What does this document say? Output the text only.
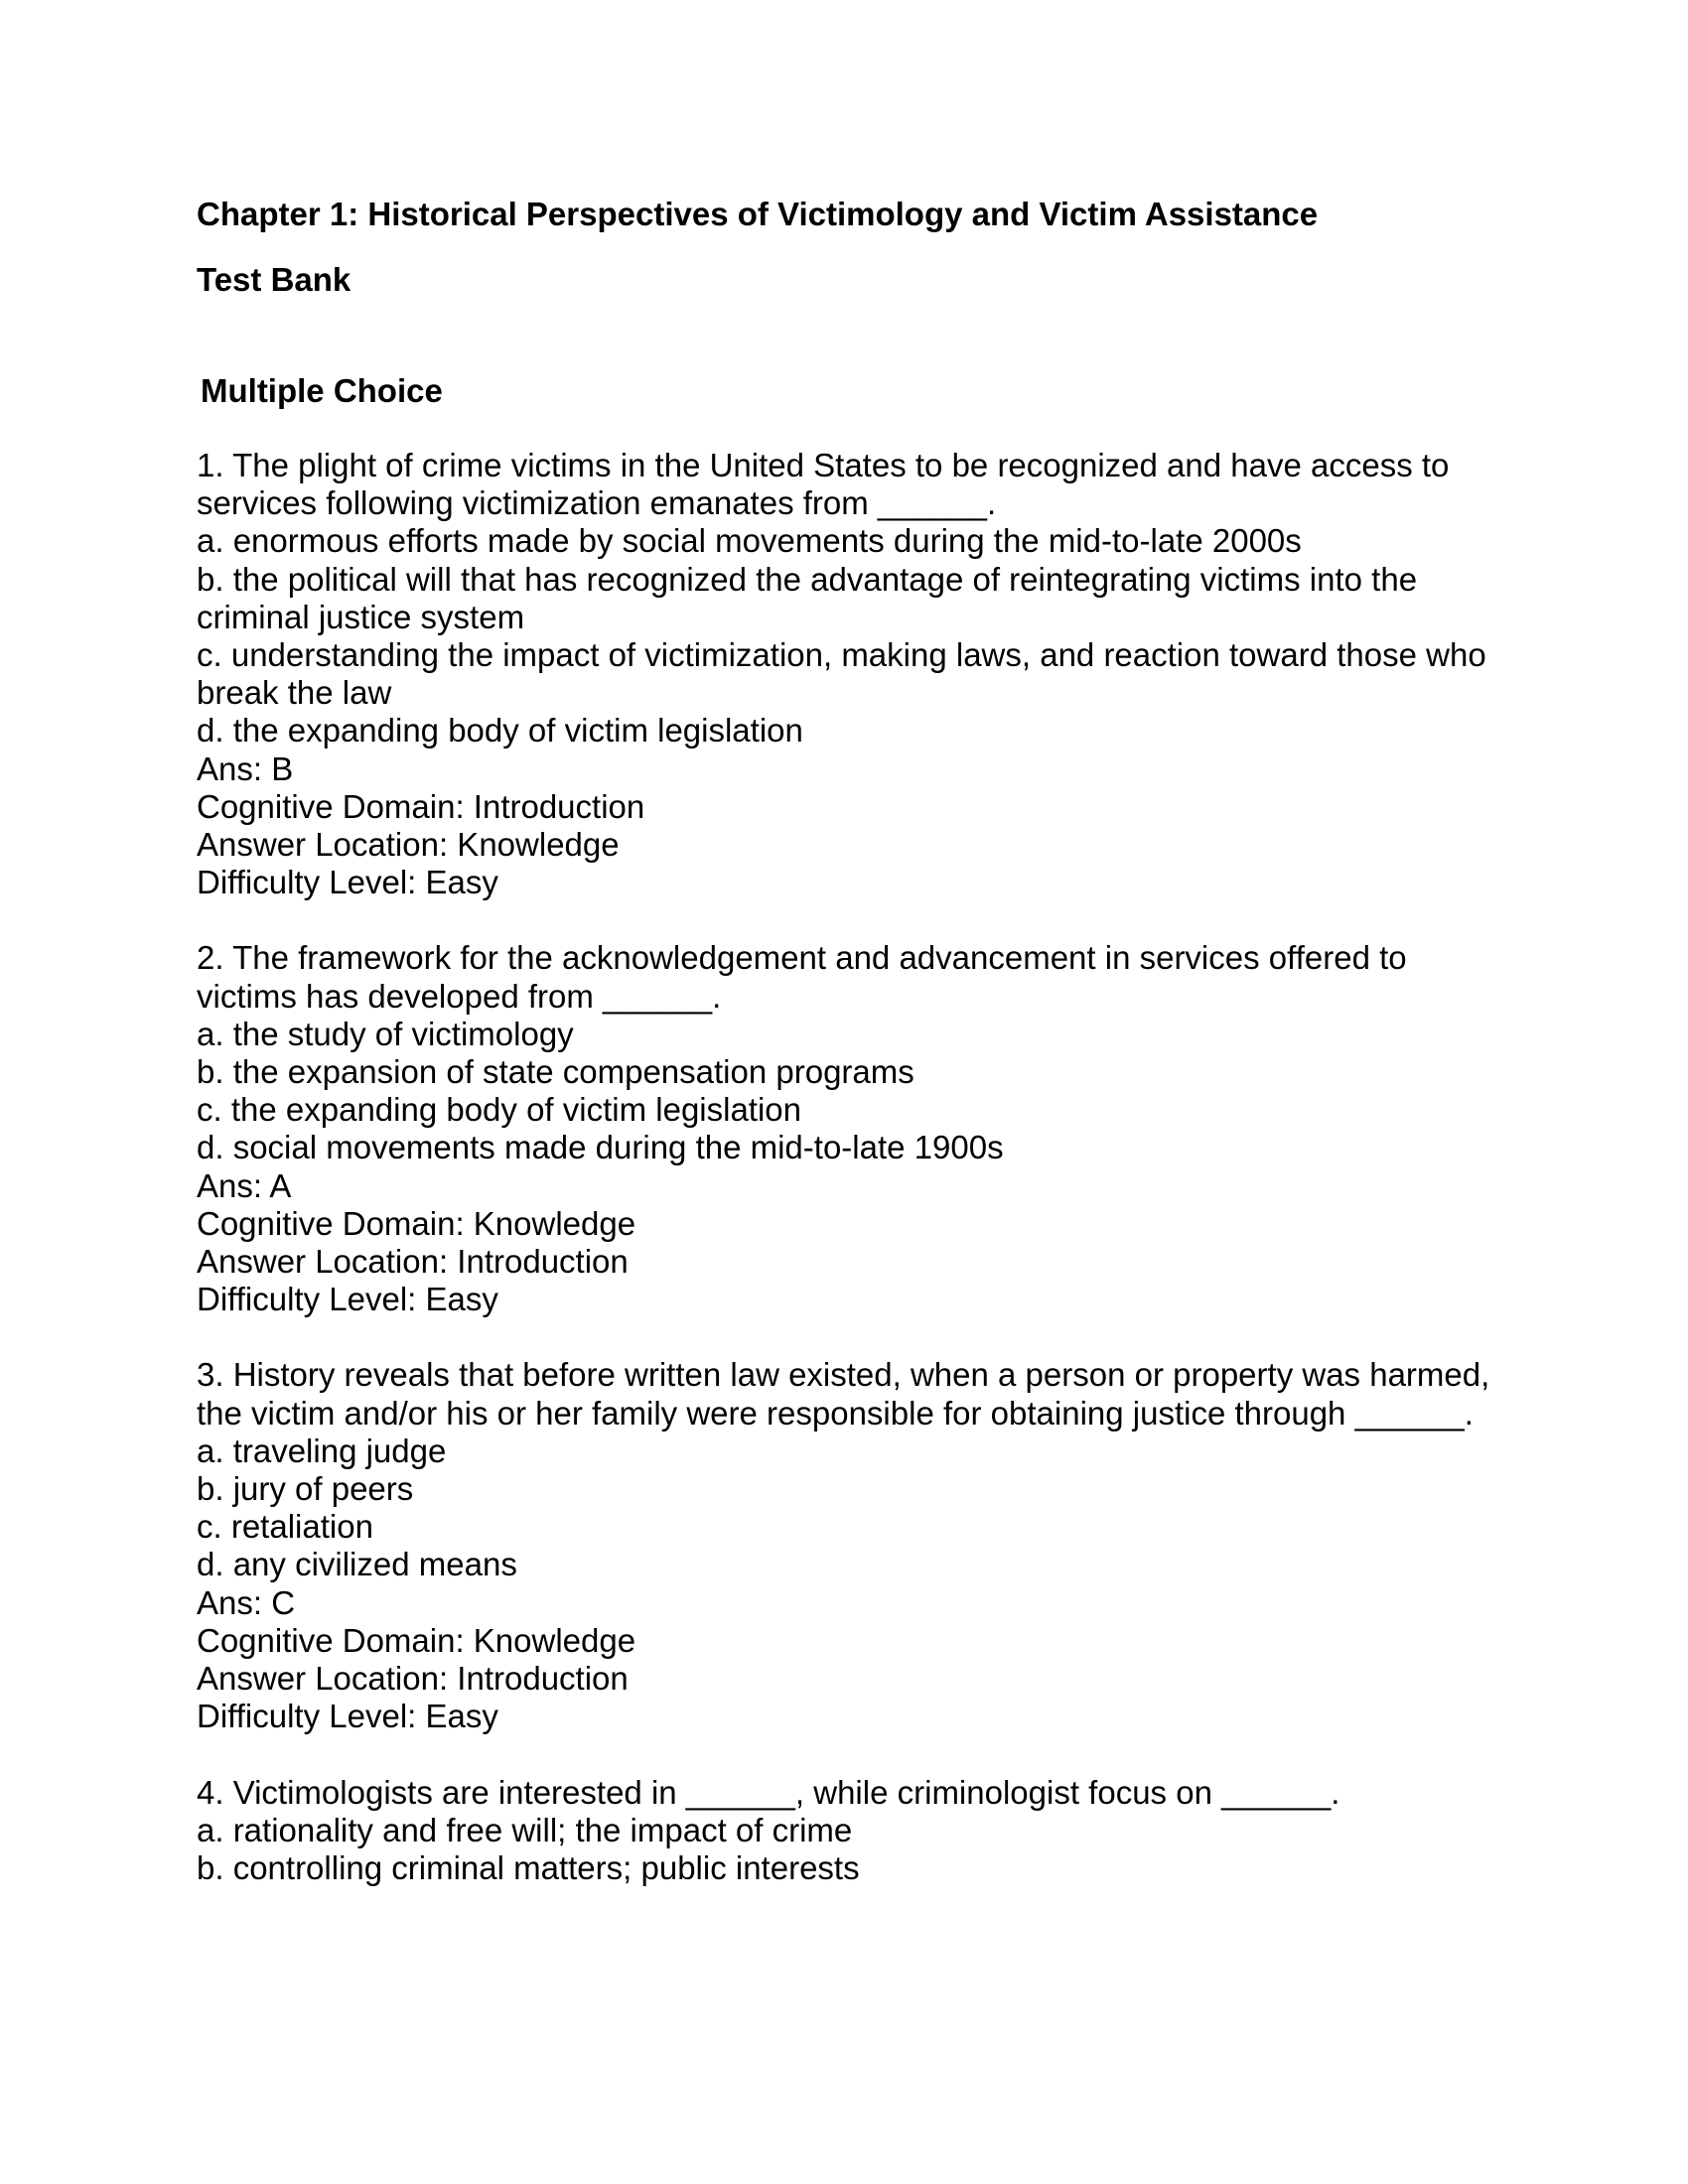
Chapter 1: Historical Perspectives of Victimology and Victim Assistance

Test Bank

Multiple Choice

1. The plight of crime victims in the United States to be recognized and have access to services following victimization emanates from ______.
a. enormous efforts made by social movements during the mid-to-late 2000s
b. the political will that has recognized the advantage of reintegrating victims into the criminal justice system
c. understanding the impact of victimization, making laws, and reaction toward those who break the law
d. the expanding body of victim legislation
Ans: B
Cognitive Domain: Introduction
Answer Location: Knowledge
Difficulty Level: Easy
2. The framework for the acknowledgement and advancement in services offered to victims has developed from ______.
a. the study of victimology
b. the expansion of state compensation programs
c. the expanding body of victim legislation
d. social movements made during the mid-to-late 1900s
Ans: A
Cognitive Domain: Knowledge
Answer Location: Introduction
Difficulty Level: Easy
3. History reveals that before written law existed, when a person or property was harmed, the victim and/or his or her family were responsible for obtaining justice through ______.
a. traveling judge
b. jury of peers
c. retaliation
d. any civilized means
Ans: C
Cognitive Domain: Knowledge
Answer Location: Introduction
Difficulty Level: Easy
4. Victimologists are interested in ______, while criminologist focus on ______.
a. rationality and free will; the impact of crime
b. controlling criminal matters; public interests
